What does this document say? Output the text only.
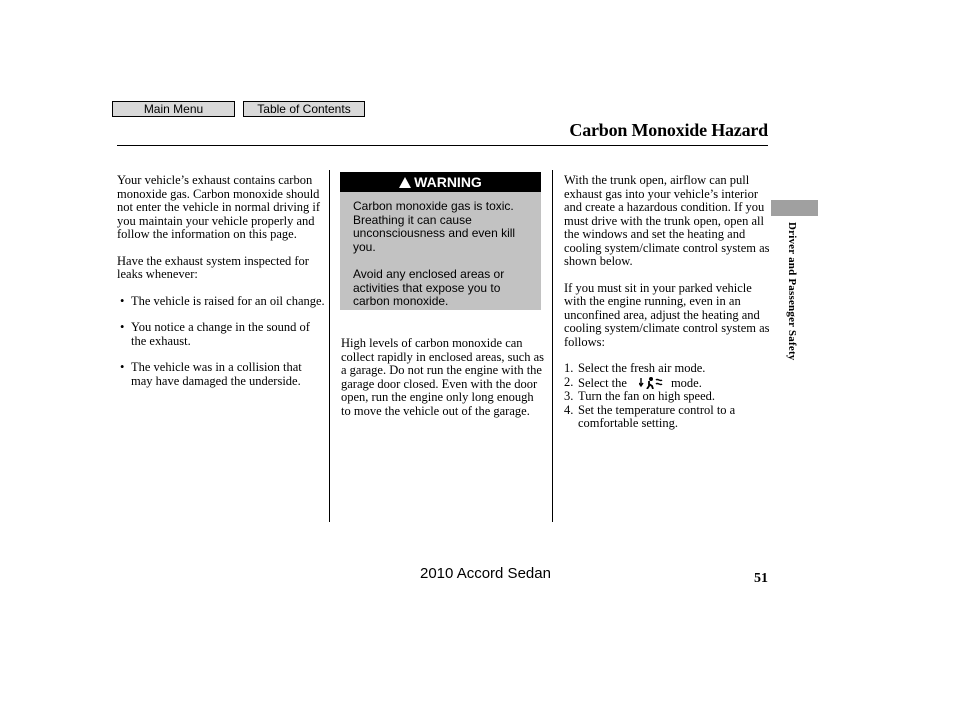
Main Menu	Table of Contents
Carbon Monoxide Hazard
Driver and Passenger Safety

Your vehicle’s exhaust contains carbon monoxide gas. Carbon monoxide should not enter the vehicle in normal driving if you maintain your vehicle properly and follow the information on this page.

Have the exhaust system inspected for leaks whenever:

• The vehicle is raised for an oil change.
• You notice a change in the sound of the exhaust.
• The vehicle was in a collision that may have damaged the underside.
WARNING

Carbon monoxide gas is toxic. Breathing it can cause unconsciousness and even kill you.

Avoid any enclosed areas or activities that expose you to carbon monoxide.

High levels of carbon monoxide can collect rapidly in enclosed areas, such as a garage. Do not run the engine with the garage door closed. Even with the door open, run the engine only long enough to move the vehicle out of the garage.

With the trunk open, airflow can pull exhaust gas into your vehicle’s interior and create a hazardous condition. If you must drive with the trunk open, open all the windows and set the heating and cooling system/climate control system as shown below.

If you must sit in your parked vehicle with the engine running, even in an unconfined area, adjust the heating and cooling system/climate control system as follows:

1. Select the fresh air mode.
2. Select the	mode.
3. Turn the fan on high speed.
4. Set the temperature control to a comfortable setting.
51
2010 Accord Sedan
